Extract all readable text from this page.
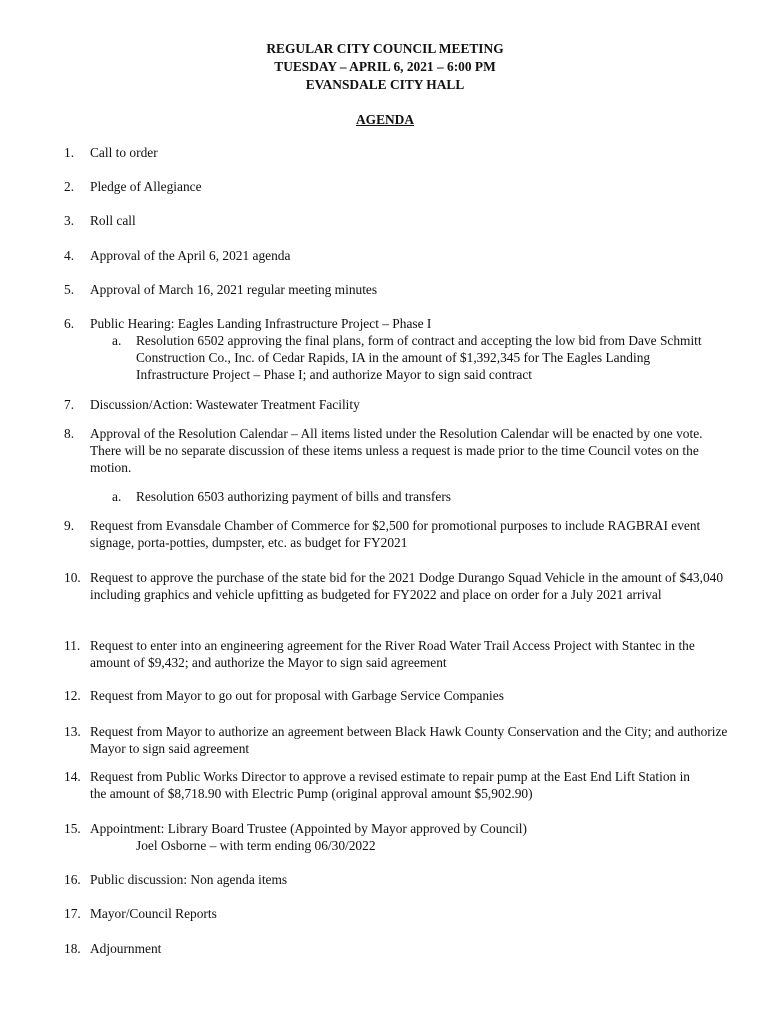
REGULAR CITY COUNCIL MEETING
TUESDAY – APRIL 6, 2021 – 6:00 PM
EVANSDALE CITY HALL
AGENDA
1.	Call to order
2.	Pledge of Allegiance
3.	Roll call
4.	Approval of the April 6, 2021 agenda
5.	Approval of March 16, 2021 regular meeting minutes
6.	Public Hearing: Eagles Landing Infrastructure Project – Phase I
a. Resolution 6502 approving the final plans, form of contract and accepting the low bid from Dave Schmitt Construction Co., Inc. of Cedar Rapids, IA in the amount of $1,392,345 for The Eagles Landing Infrastructure Project – Phase I; and authorize Mayor to sign said contract
7.	Discussion/Action: Wastewater Treatment Facility
8.	Approval of the Resolution Calendar – All items listed under the Resolution Calendar will be enacted by one vote. There will be no separate discussion of these items unless a request is made prior to the time Council votes on the motion.
a. Resolution 6503 authorizing payment of bills and transfers
9.	Request from Evansdale Chamber of Commerce for $2,500 for promotional purposes to include RAGBRAI event signage, porta-potties, dumpster, etc. as budget for FY2021
10. Request to approve the purchase of the state bid for the 2021 Dodge Durango Squad Vehicle in the amount of $43,040 including graphics and vehicle upfitting as budgeted for FY2022 and place on order for a July 2021 arrival
11. Request to enter into an engineering agreement for the River Road Water Trail Access Project with Stantec in the amount of $9,432; and authorize the Mayor to sign said agreement
12. Request from Mayor to go out for proposal with Garbage Service Companies
13. Request from Mayor to authorize an agreement between Black Hawk County Conservation and the City; and authorize Mayor to sign said agreement
14. Request from Public Works Director to approve a revised estimate to repair pump at the East End Lift Station in the amount of $8,718.90 with Electric Pump (original approval amount $5,902.90)
15. Appointment: Library Board Trustee (Appointed by Mayor approved by Council)
Joel Osborne – with term ending 06/30/2022
16. Public discussion: Non agenda items
17. Mayor/Council Reports
18. Adjournment
